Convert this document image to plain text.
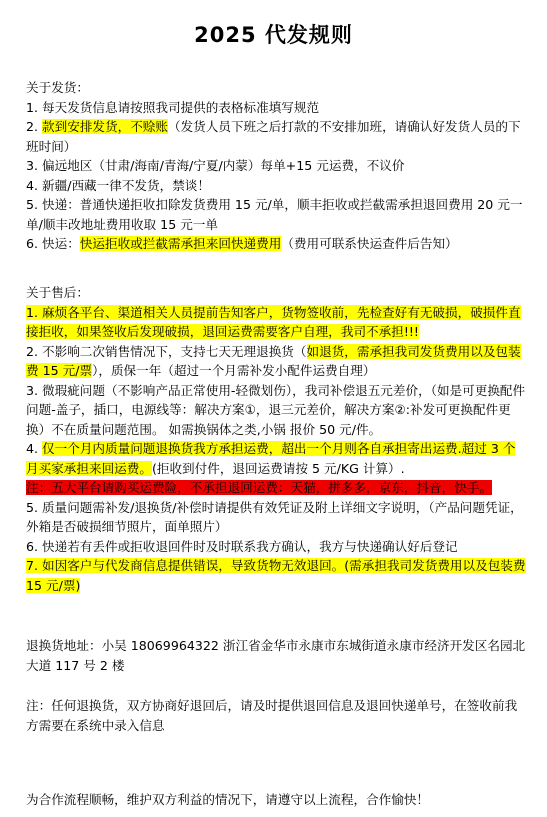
2025 代发规则

关于发货：

1. 每天发货信息请按照我司提供的表格标准填写规范

2. 款到安排发货，不赊账（发货人员下班之后打款的不安排加班，请确认好发货人员的下班时间）

3. 偏远地区（甘肃/海南/青海/宁夏/内蒙）每单+15 元运费，不议价

4. 新疆/西藏一律不发货，禁谈！

5. 快递：普通快递拒收扣除发货费用 15 元/单，顺丰拒收或拦截需承担退回费用 20 元一单/顺丰改地址费用收取 15 元一单

6. 快运：快运拒收或拦截需承担来回快递费用（费用可联系快运查件后告知）

关于售后：

1. 麻烦各平台、渠道相关人员提前告知客户，货物签收前，先检查好有无破损，破损件直接拒收，如果签收后发现破损，退回运费需要客户自理，我司不承担!!!

2. 不影响二次销售情况下，支持七天无理退换货（如退货，需承担我司发货费用以及包装费 15 元/票），质保一年（超过一个月需补发小配件运费自理）

3. 微瑕疵问题（不影响产品正常使用-轻微划伤），我司补偿退五元差价，（如是可更换配件问题-盖子，插口，电源线等：解决方案①，退三元差价，解决方案②:补发可更换配件更换）不在质量问题范围。 如需换锅体之类,小锅 报价 50 元/件。

4. 仅一个月内质量问题退换货我方承担运费，超出一个月则各自承担寄出运费.超过 3 个月买家承担来回运费。(拒收到付件，退回运费请按 5 元/KG 计算）.

注：五大平台请购买运费险，不承担退回运费：天猫，拼多多，京东，抖音，快手。

5. 质量问题需补发/退换货/补偿时请提供有效凭证及附上详细文字说明，（产品问题凭证，外箱是否破损细节照片，面单照片）

6. 快递若有丢件或拒收退回件时及时联系我方确认，我方与快递确认好后登记

7. 如因客户与代发商信息提供错误，导致货物无效退回。(需承担我司发货费用以及包装费 15 元/票)

退换货地址：小吴 18069964322 浙江省金华市永康市东城街道永康市经济开发区名园北大道 117 号 2 楼

注：任何退换货，双方协商好退回后，请及时提供退回信息及退回快递单号，在签收前我方需要在系统中录入信息

为合作流程顺畅，维护双方利益的情况下，请遵守以上流程，合作愉快！
